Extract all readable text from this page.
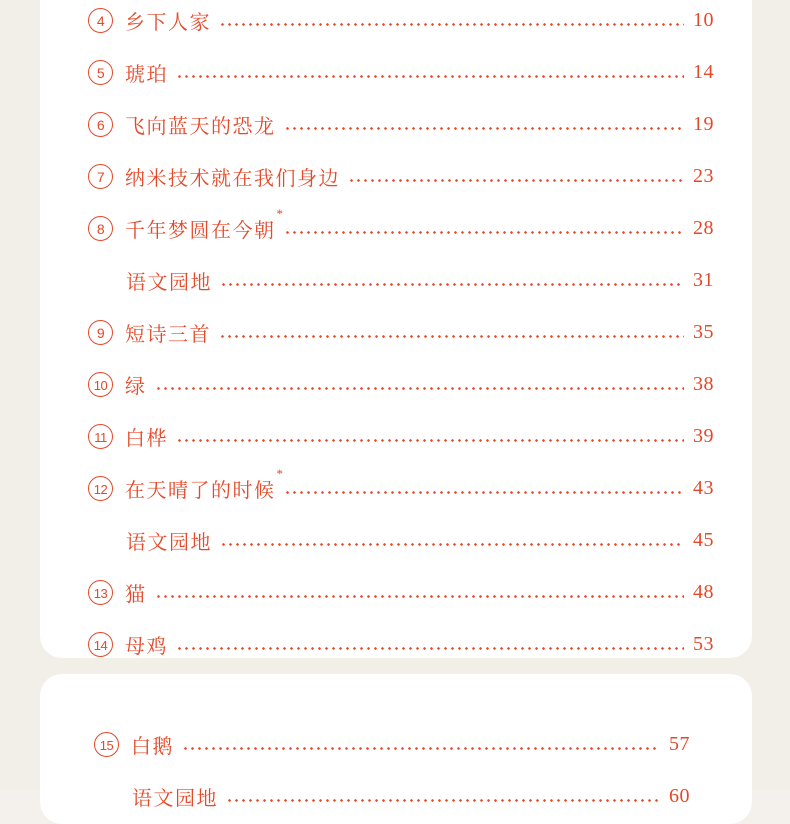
4	乡下人家	10
5	琥珀	14
6	飞向蓝天的恐龙	19
7	纳米技术就在我们身边	23
8	千年梦圆在今朝 *	28
语文园地	31
9	短诗三首	35
10 绿	38
11 白桦	39
12 在天晴了的时候 *	43
语文园地	45
13 猫	48
14 母鸡	53
15 白鹅	57
语文园地	60
